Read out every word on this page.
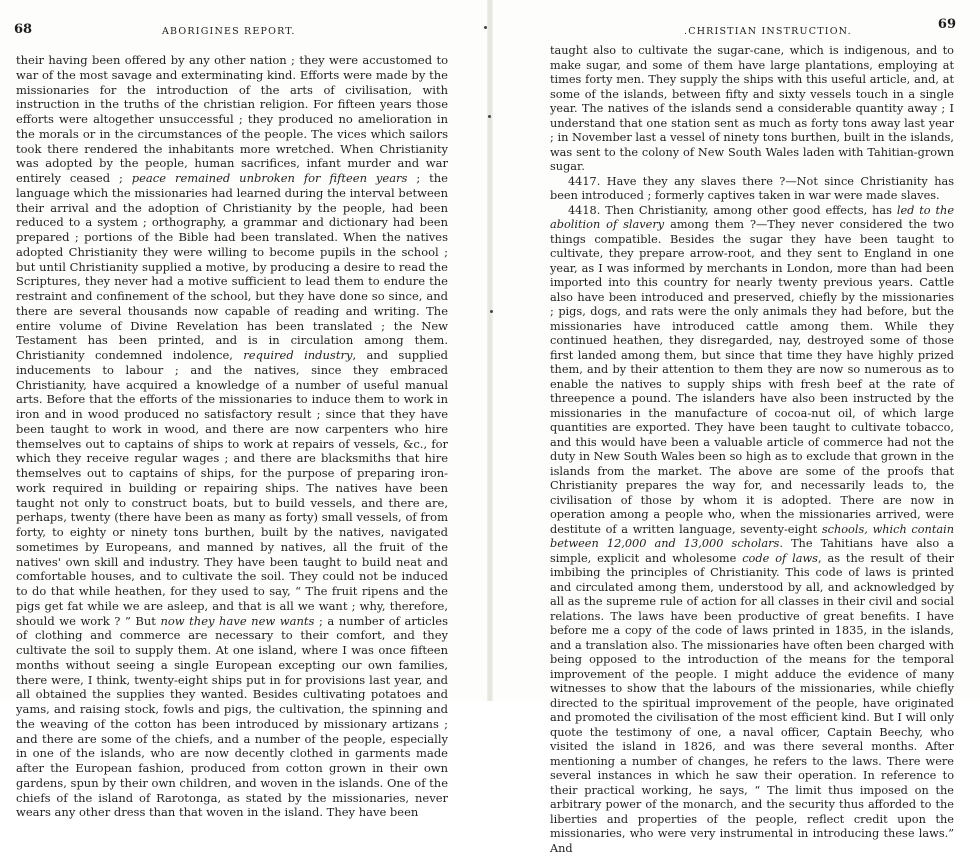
68	ABORIGINES REPORT.

their having been offered by any other nation ; they were accustomed to war of the most savage and exterminating kind. Efforts were made by the missionaries for the introduction of the arts of civilisation, with instruction in the truths of the christian religion. For fifteen years those efforts were altogether unsuccessful ; they produced no amelioration in the morals or in the circumstances of the people. The vices which sailors took there rendered the inhabitants more wretched. When Christianity was adopted by the people, human sacrifices, infant murder and war entirely ceased ; peace remained unbroken for fifteen years ; the language which the missionaries had learned during the interval between their arrival and the adoption of Christianity by the people, had been reduced to a system ; orthography, a grammar and dictionary had been prepared ; portions of the Bible had been translated. When the natives adopted Christianity they were willing to become pupils in the school ; but until Christianity supplied a motive, by producing a desire to read the Scriptures, they never had a motive sufficient to lead them to endure the restraint and confinement of the school, but they have done so since, and there are several thousands now capable of reading and writing. The entire volume of Divine Revelation has been translated ; the New Testament has been printed, and is in circulation among them. Christianity condemned indolence, required industry, and supplied inducements to labour ; and the natives, since they embraced Christianity, have acquired a knowledge of a number of useful manual arts. Before that the efforts of the missionaries to induce them to work in iron and in wood produced no satisfactory result ; since that they have been taught to work in wood, and there are now carpenters who hire themselves out to captains of ships to work at repairs of vessels, &c., for which they receive regular wages ; and there are blacksmiths that hire themselves out to captains of ships, for the purpose of preparing iron-work required in building or repairing ships. The natives have been taught not only to construct boats, but to build vessels, and there are, perhaps, twenty (there have been as many as forty) small vessels, of from forty, to eighty or ninety tons burthen, built by the natives, navigated sometimes by Europeans, and manned by natives, all the fruit of the natives' own skill and industry. They have been taught to build neat and comfortable houses, and to cultivate the soil. They could not be induced to do that while heathen, for they used to say, “ The fruit ripens and the pigs get fat while we are asleep, and that is all we want ; why, therefore, should we work ? ” But now they have new wants ; a number of articles of clothing and commerce are necessary to their comfort, and they cultivate the soil to supply them. At one island, where I was once fifteen months without seeing a single European excepting our own families, there were, I think, twenty-eight ships put in for provisions last year, and all obtained the supplies they wanted. Besides cultivating potatoes and yams, and raising stock, fowls and pigs, the cultivation, the spinning and the weaving of the cotton has been introduced by missionary artizans ; and there are some of the chiefs, and a number of the people, especially in one of the islands, who are now decently clothed in garments made after the European fashion, produced from cotton grown in their own gardens, spun by their own children, and woven in the islands. One of the chiefs of the island of Rarotonga, as stated by the missionaries, never wears any other dress than that woven in the island. They have been

.CHRISTIAN INSTRUCTION.	69

taught also to cultivate the sugar-cane, which is indigenous, and to make sugar, and some of them have large plantations, employing at times forty men. They supply the ships with this useful article, and, at some of the islands, between fifty and sixty vessels touch in a single year. The natives of the islands send a considerable quantity away ; I understand that one station sent as much as forty tons away last year ; in November last a vessel of ninety tons burthen, built in the islands, was sent to the colony of New South Wales laden with Tahitian-grown sugar.

4417. Have they any slaves there ?—Not since Christianity has been introduced ; formerly captives taken in war were made slaves.

4418. Then Christianity, among other good effects, has led to the abolition of slavery among them ?—They never considered the two things compatible. Besides the sugar they have been taught to cultivate, they prepare arrow-root, and they sent to England in one year, as I was informed by merchants in London, more than had been imported into this country for nearly twenty previous years. Cattle also have been introduced and preserved, chiefly by the missionaries ; pigs, dogs, and rats were the only animals they had before, but the missionaries have introduced cattle among them. While they continued heathen, they disregarded, nay, destroyed some of those first landed among them, but since that time they have highly prized them, and by their attention to them they are now so numerous as to enable the natives to supply ships with fresh beef at the rate of threepence a pound. The islanders have also been instructed by the missionaries in the manufacture of cocoa-nut oil, of which large quantities are exported. They have been taught to cultivate tobacco, and this would have been a valuable article of commerce had not the duty in New South Wales been so high as to exclude that grown in the islands from the market. The above are some of the proofs that Christianity prepares the way for, and necessarily leads to, the civilisation of those by whom it is adopted. There are now in operation among a people who, when the missionaries arrived, were destitute of a written language, seventy-eight schools, which contain between 12,000 and 13,000 scholars. The Tahitians have also a simple, explicit and wholesome code of laws, as the result of their imbibing the principles of Christianity. This code of laws is printed and circulated among them, understood by all, and acknowledged by all as the supreme rule of action for all classes in their civil and social relations. The laws have been productive of great benefits. I have before me a copy of the code of laws printed in 1835, in the islands, and a translation also. The missionaries have often been charged with being opposed to the introduction of the means for the temporal improvement of the people. I might adduce the evidence of many witnesses to show that the labours of the missionaries, while chiefly directed to the spiritual improvement of the people, have originated and promoted the civilisation of the most efficient kind. But I will only quote the testimony of one, a naval officer, Captain Beechy, who visited the island in 1826, and was there several months. After mentioning a number of changes, he refers to the laws. There were several instances in which he saw their operation. In reference to their practical working, he says, “ The limit thus imposed on the arbitrary power of the monarch, and the security thus afforded to the liberties and properties of the people, reflect credit upon the missionaries, who were very instrumental in introducing these laws.” And
